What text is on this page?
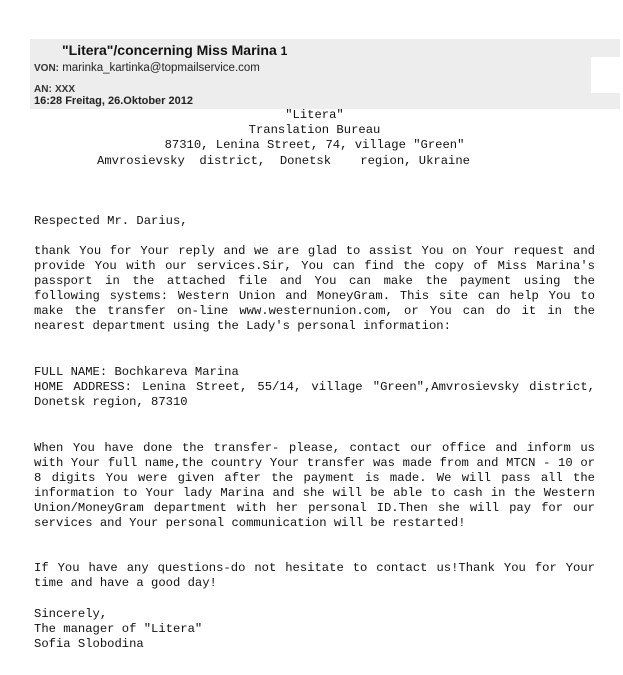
"Litera"/concerning Miss Marina 1
VON: marinka_kartinka@topmailservice.com
AN: XXX
16:28 Freitag, 26.Oktober 2012

"Litera"

Translation Bureau

87310, Lenina Street, 74, village "Green"

Amvrosievsky  district,  Donetsk    region, Ukraine

Respected Mr. Darius,

thank You for Your reply and we are glad to assist You on Your request and provide You with our services.Sir, You can find the copy of Miss Marina's passport in the attached file and You can make the payment using the following systems: Western Union and MoneyGram. This site can help You to make the transfer on-line www.westernunion.com, or You can do it in the nearest department using the Lady's personal information:

FULL NAME: Bochkareva Marina

HOME ADDRESS: Lenina Street, 55/14, village "Green",Amvrosievsky district, Donetsk region, 87310

When You have done the transfer- please, contact our office and inform us with Your full name,the country Your transfer was made from and MTCN - 10 or 8 digits You were given after the payment is made. We will pass all the information to Your lady Marina and she will be able to cash in the Western Union/MoneyGram department with her personal ID.Then she will pay for our services and Your personal communication will be restarted!

If You have any questions-do not hesitate to contact us!Thank You for Your time and have a good day!

Sincerely,

The manager of "Litera"

Sofia Slobodina
